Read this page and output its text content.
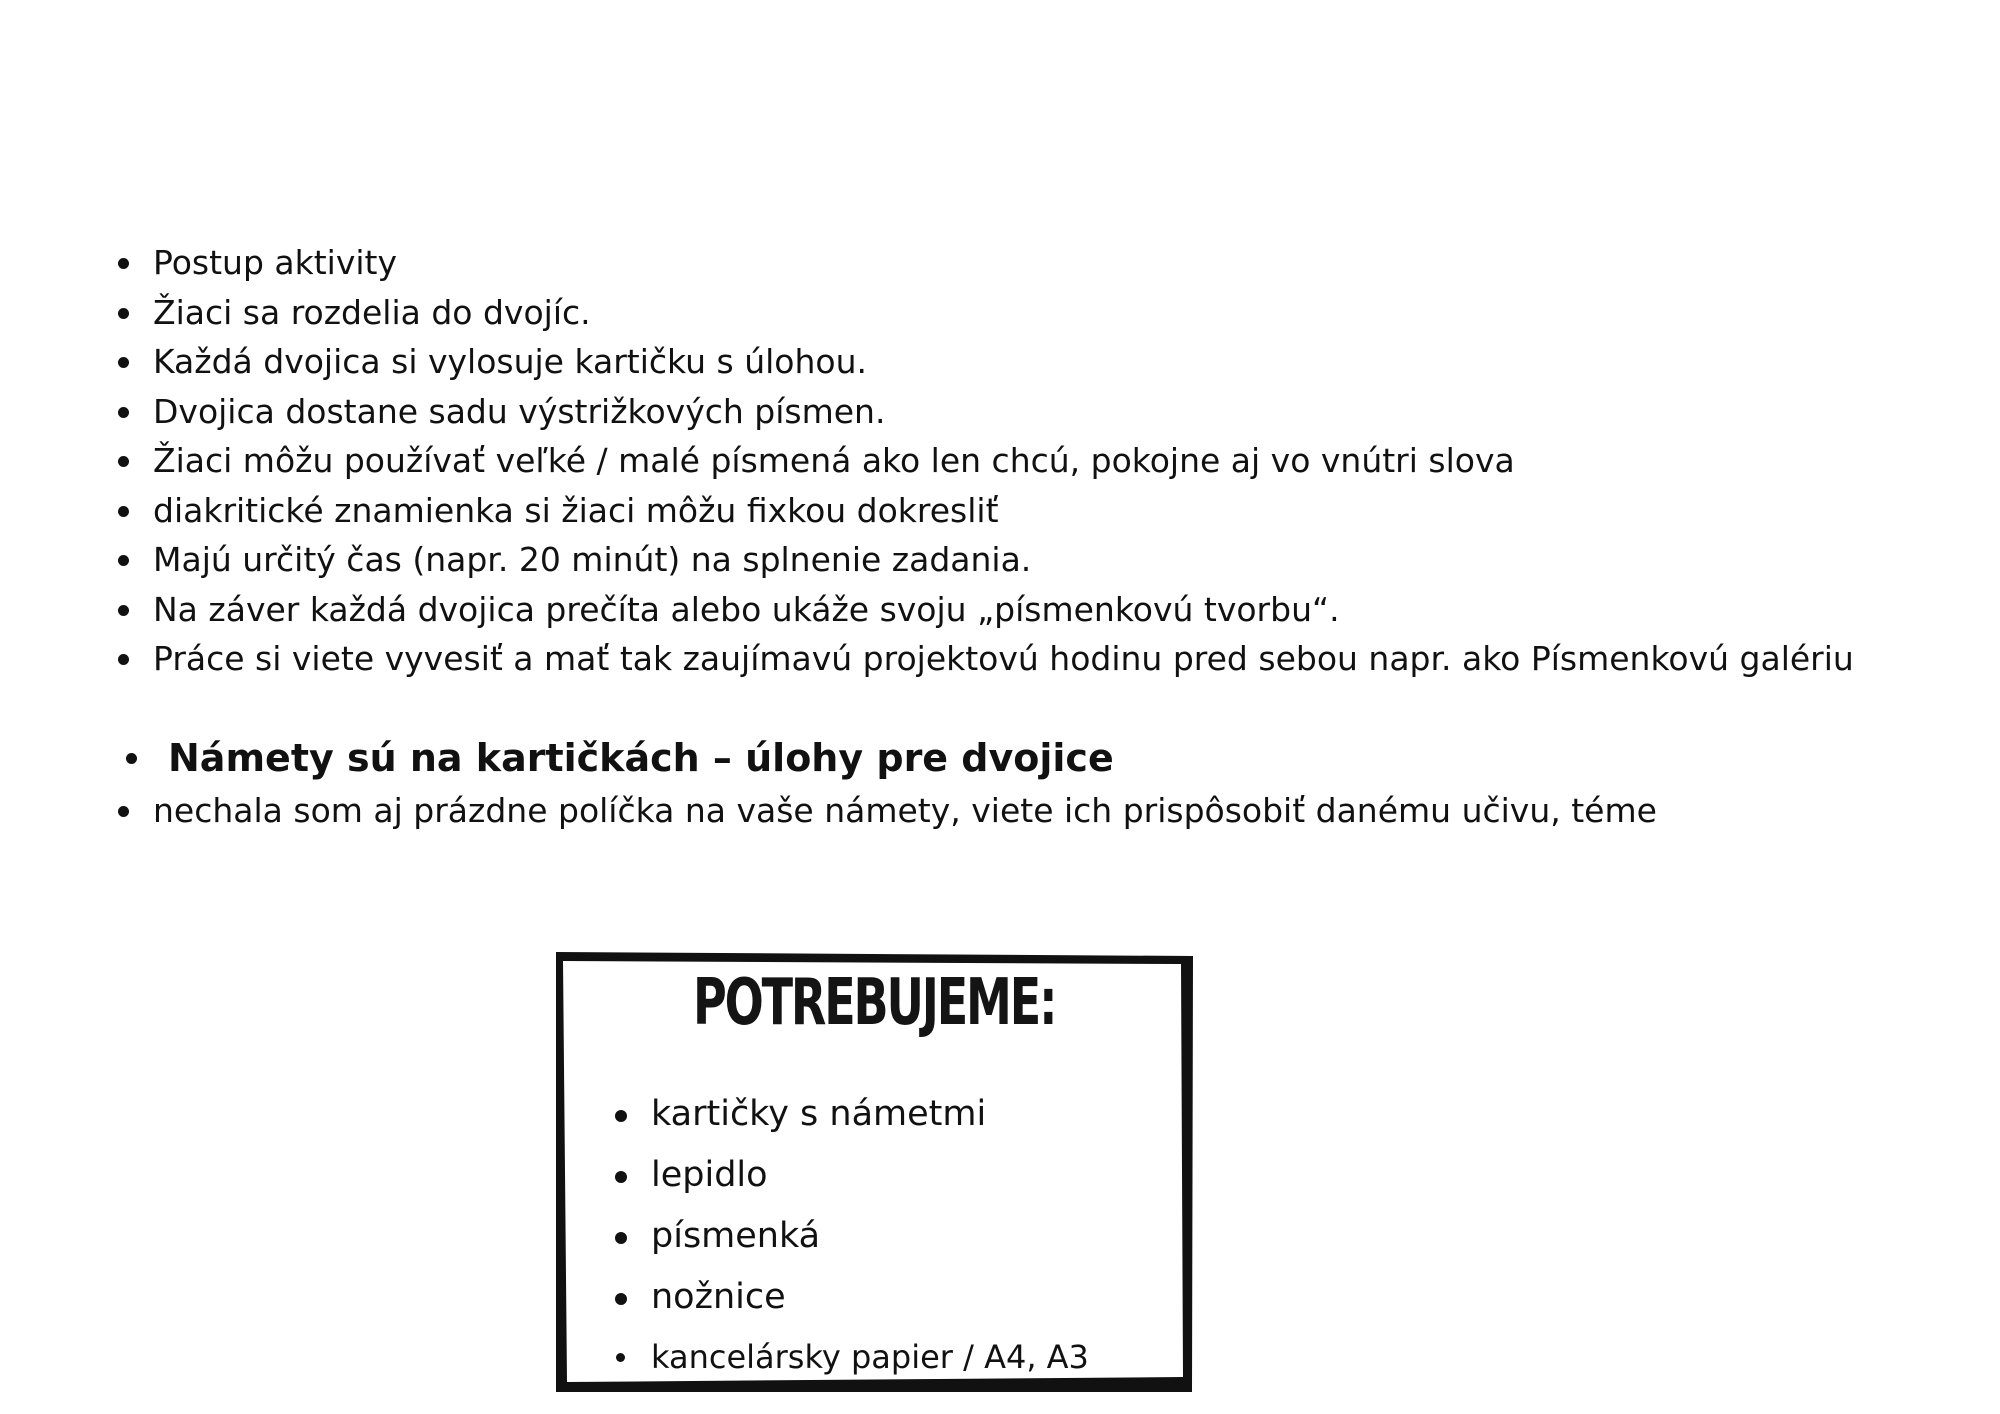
Postup aktivity
Žiaci sa rozdelia do dvojíc.
Každá dvojica si vylosuje kartičku s úlohou.
Dvojica dostane sadu výstrižkových písmen.
Žiaci môžu používať veľké / malé písmená ako len chcú, pokojne aj vo vnútri slova
diakritické znamienka si žiaci môžu fixkou dokresliť
Majú určitý čas (napr. 20 minút) na splnenie zadania.
Na záver každá dvojica prečíta alebo ukáže svoju „písmenkovú tvorbu“.
Práce si viete vyvesiť a mať tak zaujímavú projektovú hodinu pred sebou napr. ako Písmenkovú galériu
Námety sú na kartičkách – úlohy pre dvojice
nechala som aj prázdne políčka na vaše námety, viete ich prispôsobiť danému učivu, téme
POTREBUJEME:
kartičky s námetmi
lepidlo
písmenká
nožnice
kancelársky papier / A4, A3
